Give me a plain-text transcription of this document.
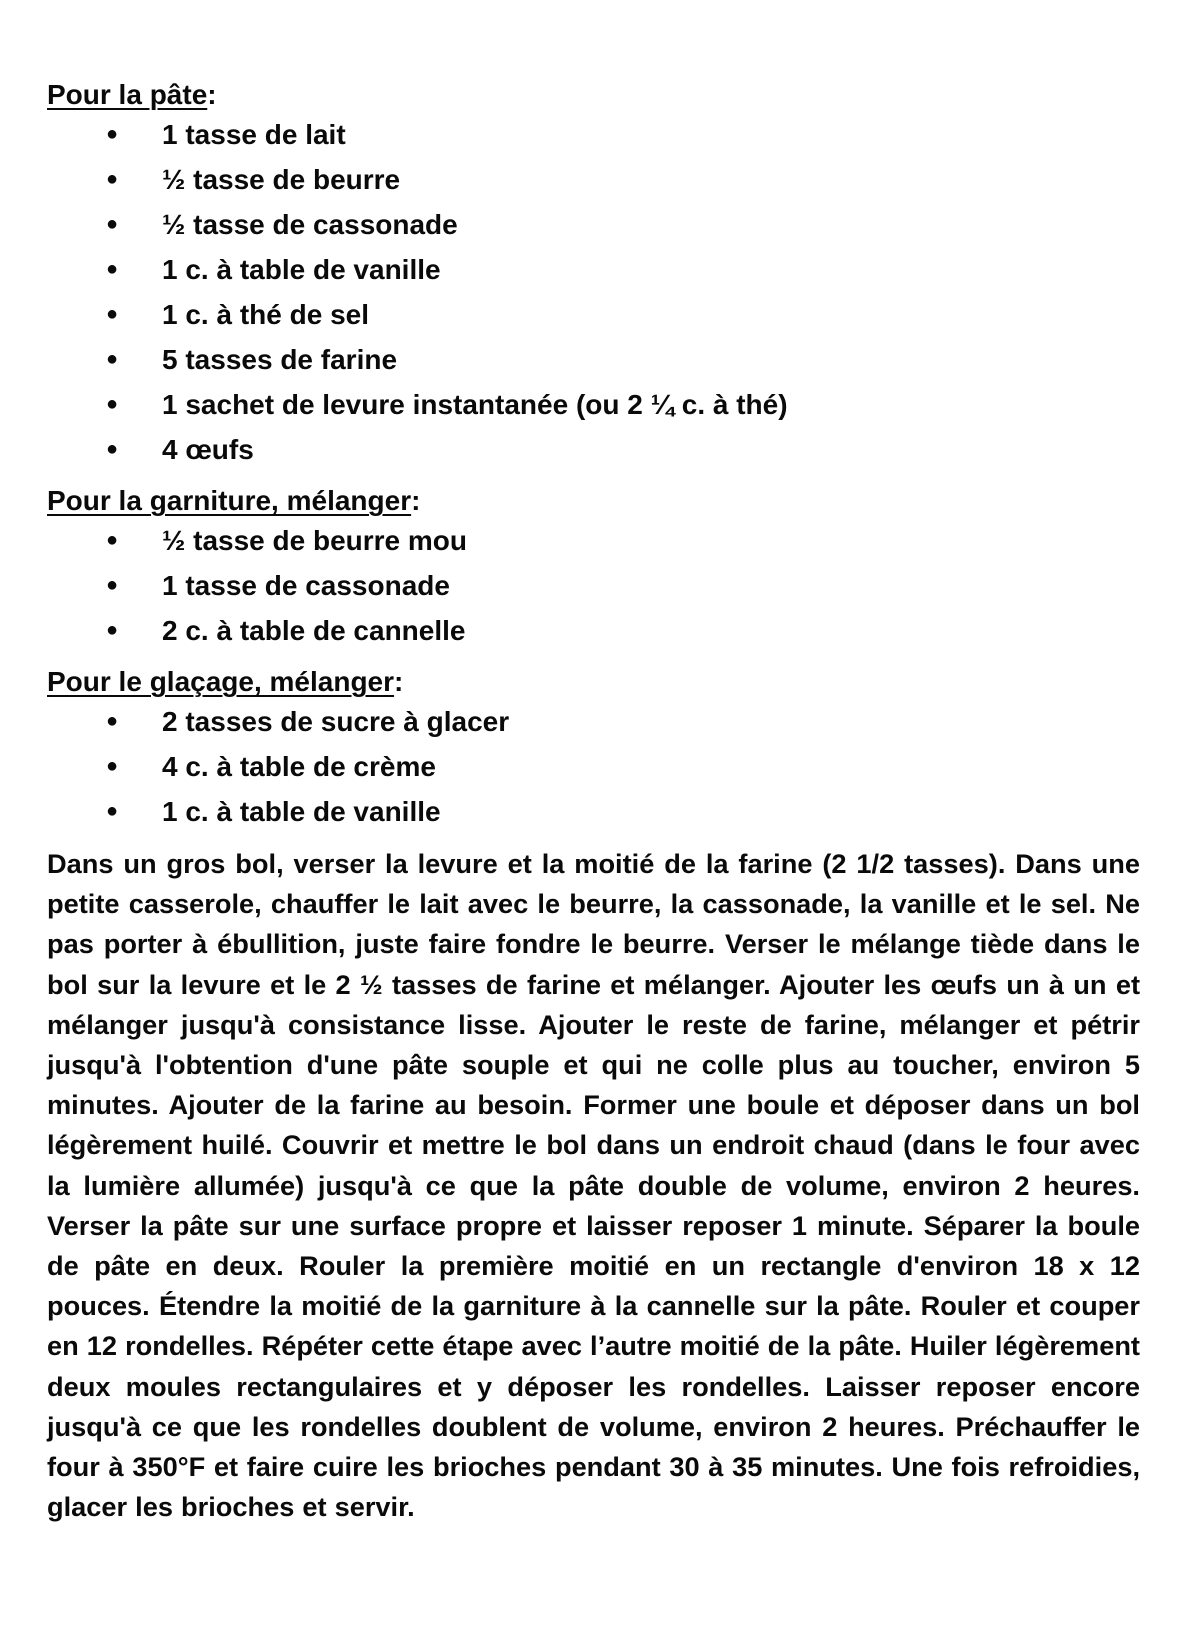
Pour la pâte :
● 1 tasse de lait
● ½ tasse de beurre
● ½ tasse de cassonade
● 1 c. à table de vanille
● 1 c. à thé de sel
● 5 tasses de farine
● 1 sachet de levure instantanée (ou 2 ¼ c. à thé)
● 4 œufs
Pour la garniture, mélanger :
● ½ tasse de beurre mou
● 1 tasse de cassonade
● 2 c. à table de cannelle
Pour le glaçage, mélanger :
● 2 tasses de sucre à glacer
● 4 c. à table de crème
● 1 c. à table de vanille

Dans un gros bol, verser la levure et la moitié de la farine (2 1/2 tasses). Dans une petite casserole, chauffer le lait avec le beurre, la cassonade, la vanille et le sel. Ne pas porter à ébullition, juste faire fondre le beurre. Verser le mélange tiède dans le bol sur la levure et le 2 ½ tasses de farine et mélanger. Ajouter les œufs un à un et mélanger jusqu'à consistance lisse. Ajouter le reste de farine, mélanger et pétrir jusqu'à l'obtention d'une pâte souple et qui ne colle plus au toucher, environ 5 minutes. Ajouter de la farine au besoin. Former une boule et déposer dans un bol légèrement huilé. Couvrir et mettre le bol dans un endroit chaud (dans le four avec la lumière allumée) jusqu'à ce que la pâte double de volume, environ 2 heures. Verser la pâte sur une surface propre et laisser reposer 1 minute. Séparer la boule de pâte en deux. Rouler la première moitié en un rectangle d'environ 18 x 12 pouces. Étendre la moitié de la garniture à la cannelle sur la pâte. Rouler et couper en 12 rondelles. Répéter cette étape avec l’autre moitié de la pâte. Huiler légèrement deux moules rectangulaires et y déposer les rondelles. Laisser reposer encore jusqu'à ce que les rondelles doublent de volume, environ 2 heures. Préchauffer le four à 350°F et faire cuire les brioches pendant 30 à 35 minutes. Une fois refroidies, glacer les brioches et servir.
